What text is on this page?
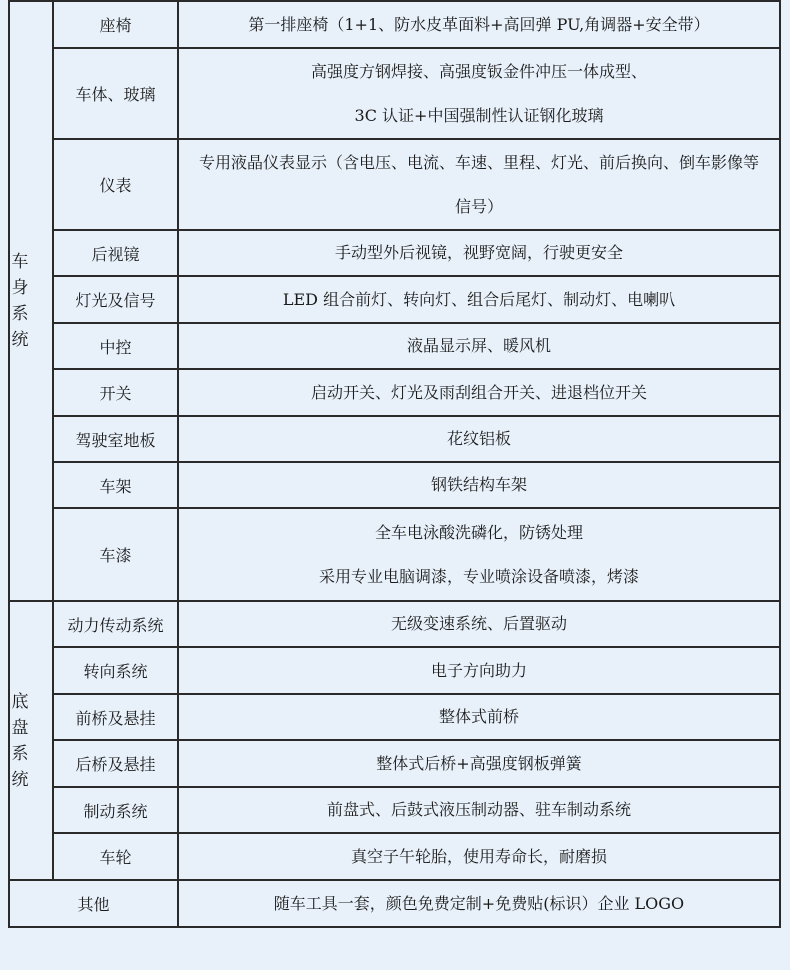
车身系统	座椅	第一排座椅（1+1、防水皮革面料+高回弹 PU,角调器+安全带）

	车体、玻璃	高强度方钢焊接、高强度钣金件冲压一体成型、
3C 认证+中国强制性认证钢化玻璃

	仪表	专用液晶仪表显示（含电压、电流、车速、里程、灯光、前后换向、倒车影像等
信号）

	后视镜	手动型外后视镜，视野宽阔，行驶更安全

	灯光及信号	LED 组合前灯、转向灯、组合后尾灯、制动灯、电喇叭

	中控	液晶显示屏、暖风机

	开关	启动开关、灯光及雨刮组合开关、进退档位开关

	驾驶室地板	花纹铝板

	车架	钢铁结构车架

	车漆	全车电泳酸洗磷化，防锈处理
采用专业电脑调漆，专业喷涂设备喷漆，烤漆

底盘系统	动力传动系统	无级变速系统、后置驱动

	转向系统	电子方向助力

	前桥及悬挂	整体式前桥

	后桥及悬挂	整体式后桥+高强度钢板弹簧

	制动系统	前盘式、后鼓式液压制动器、驻车制动系统

	车轮	真空子午轮胎，使用寿命长，耐磨损

其他		随车工具一套，颜色免费定制+免费贴(标识）企业 LOGO
